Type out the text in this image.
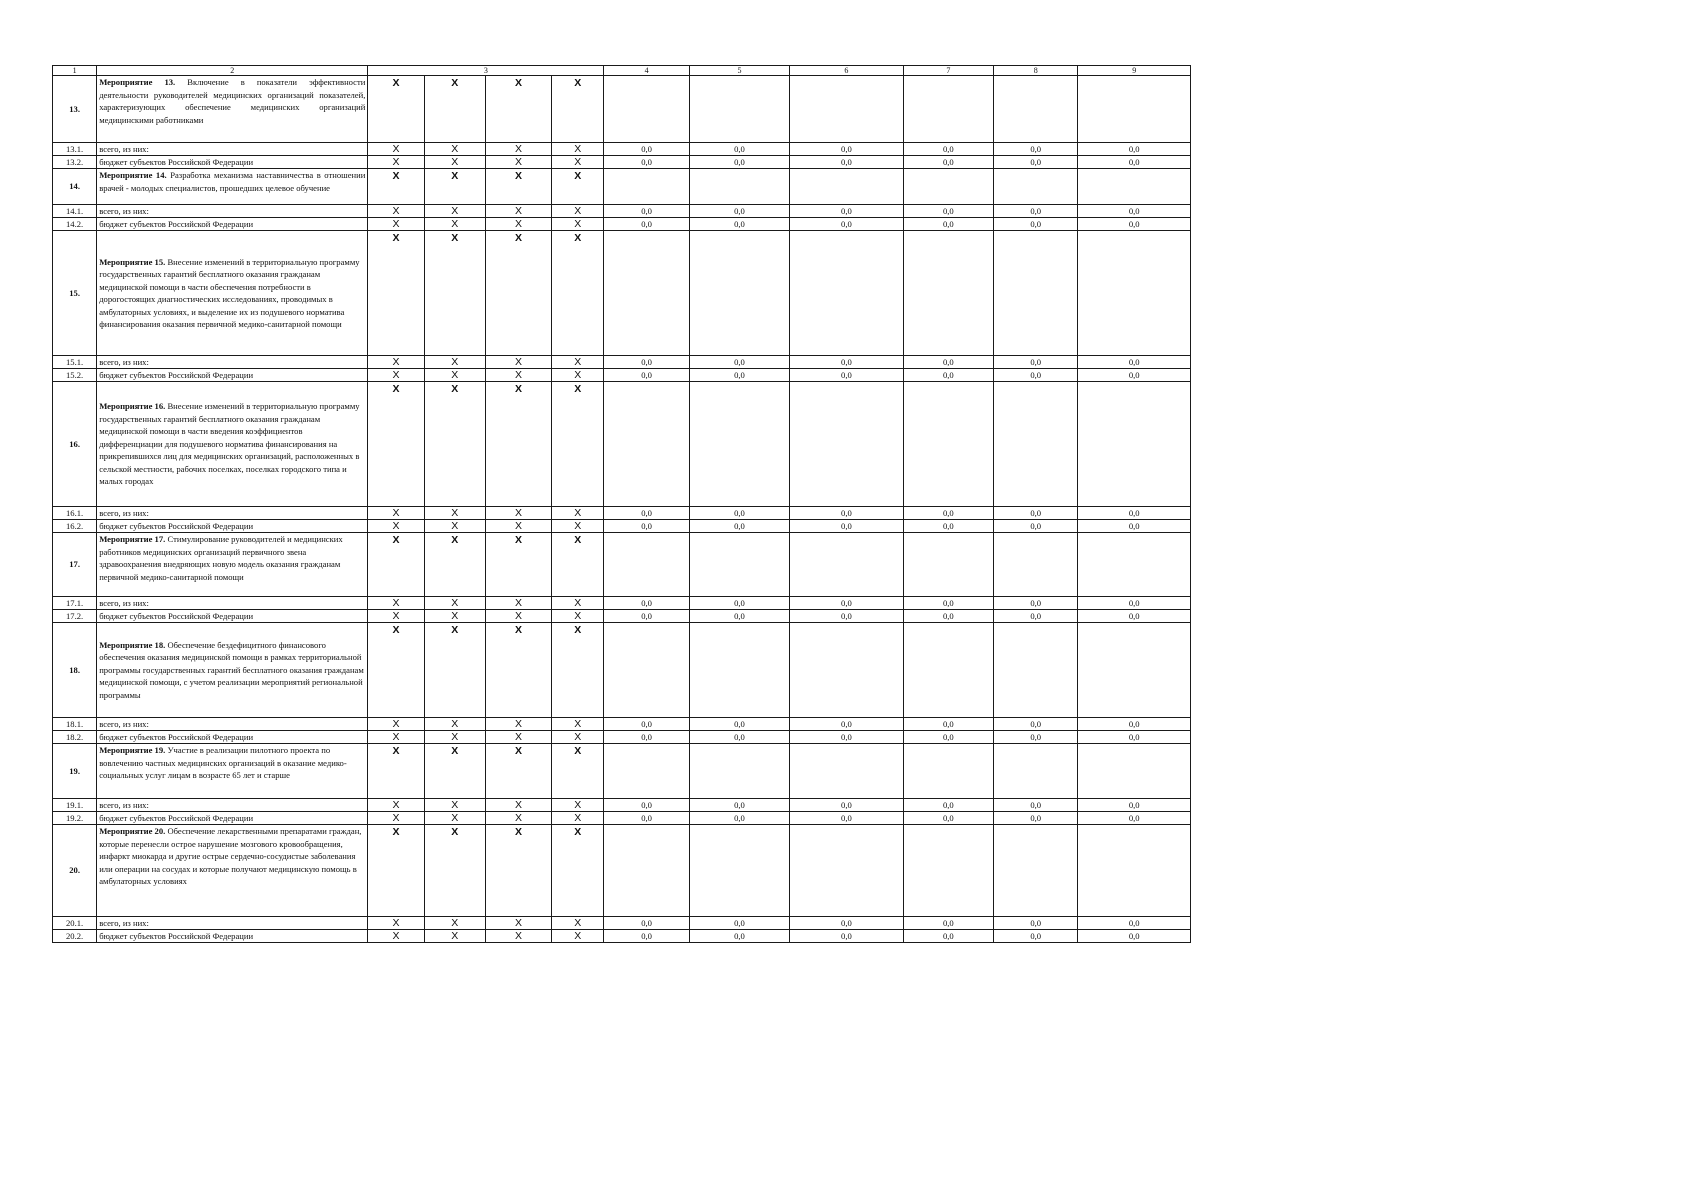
1	2	3				4	5	6	7	8	9
13.	Мероприятие 13. Включение в показатели эффективности деятельности руководителей медицинских организаций показателей, характеризующих обеспечение медицинских организаций медицинскими работниками	X	X	X	X						
13.1.	всего, из них:	X	X	X	X	0,0	0,0	0,0	0,0	0,0	0,0
13.2.	бюджет субъектов Российской Федерации	X	X	X	X	0,0	0,0	0,0	0,0	0,0	0,0
14.	Мероприятие 14. Разработка механизма наставничества в отношении врачей - молодых специалистов, прошедших целевое обучение	X	X	X	X						
14.1.	всего, из них:	X	X	X	X	0,0	0,0	0,0	0,0	0,0	0,0
14.2.	бюджет субъектов Российской Федерации	X	X	X	X	0,0	0,0	0,0	0,0	0,0	0,0
15.	Мероприятие 15. Внесение изменений в территориальную программу государственных гарантий бесплатного оказания гражданам медицинской помощи в части обеспечения потребности в дорогостоящих диагностических исследованиях, проводимых в амбулаторных условиях, и выделение их из подушевого норматива финансирования оказания первичной медико-санитарной помощи	X	X	X	X						
15.1.	всего, из них:	X	X	X	X	0,0	0,0	0,0	0,0	0,0	0,0
15.2.	бюджет субъектов Российской Федерации	X	X	X	X	0,0	0,0	0,0	0,0	0,0	0,0
16.	Мероприятие 16. Внесение изменений в территориальную программу государственных гарантий бесплатного оказания гражданам медицинской помощи в части введения коэффициентов дифференциации для подушевого норматива финансирования на прикрепившихся лиц для медицинских организаций, расположенных в сельской местности, рабочих поселках, поселках городского типа и малых городах	X	X	X	X						
16.1.	всего, из них:	X	X	X	X	0,0	0,0	0,0	0,0	0,0	0,0
16.2.	бюджет субъектов Российской Федерации	X	X	X	X	0,0	0,0	0,0	0,0	0,0	0,0
17.	Мероприятие 17. Стимулирование руководителей и медицинских работников медицинских организаций первичного звена здравоохранения внедряющих новую модель оказания гражданам первичной медико-санитарной помощи	X	X	X	X						
17.1.	всего, из них:	X	X	X	X	0,0	0,0	0,0	0,0	0,0	0,0
17.2.	бюджет субъектов Российской Федерации	X	X	X	X	0,0	0,0	0,0	0,0	0,0	0,0
18.	Мероприятие 18. Обеспечение бездефицитного финансового обеспечения оказания медицинской помощи в рамках территориальной программы государственных гарантий бесплатного оказания гражданам медицинской помощи, с учетом реализации мероприятий региональной программы	X	X	X	X						
18.1.	всего, из них:	X	X	X	X	0,0	0,0	0,0	0,0	0,0	0,0
18.2.	бюджет субъектов Российской Федерации	X	X	X	X	0,0	0,0	0,0	0,0	0,0	0,0
19.	Мероприятие 19. Участие в реализации пилотного проекта по вовлечению частных медицинских организаций в оказание медико-социальных услуг лицам в возрасте 65 лет и старше	X	X	X	X						
19.1.	всего, из них:	X	X	X	X	0,0	0,0	0,0	0,0	0,0	0,0
19.2.	бюджет субъектов Российской Федерации	X	X	X	X	0,0	0,0	0,0	0,0	0,0	0,0
20.	Мероприятие 20. Обеспечение лекарственными препаратами граждан, которые перенесли острое нарушение мозгового кровообращения, инфаркт миокарда и другие острые сердечно-сосудистые заболевания или операции на сосудах и которые получают медицинскую помощь в амбулаторных условиях	X	X	X	X						
20.1.	всего, из них:	X	X	X	X	0,0	0,0	0,0	0,0	0,0	0,0
20.2.	бюджет субъектов Российской Федерации	X	X	X	X	0,0	0,0	0,0	0,0	0,0	0,0
